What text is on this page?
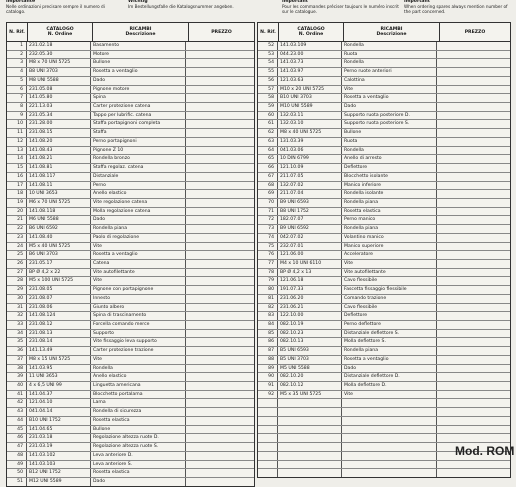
Importante
Nelle ordinazioni precisare sempre il numero di catalogo.
Wichtig
Im Bestellungsfalle die Katalogsnummer angeben.
Important
Pour les commandes préciser toujours le numéro inscrit sur le catalogue.
Important
When ordering spares always mention number of the part concerned.
N. Rif.	CATALOGO
N. Ordine
RICAMBI
Descrizione	PREZZO
1	231.02.18	Basamento
2	232.05.30	Motore
3	M8 x 70 UNI 5725	Bullone
4	B8 UNI 3703	Rosetta a ventaglio
5	M8 UNI 5588	Dado
6	231.05.08	Pignone motore
7	141.05.80	Spina
8	221.13.03	Carter protezione catena
9	231.05.34	Tappo per lubrific. catena
10	231.28.00	Staffa portapignoni completa
11	231.08.15	Staffa
12	141.08.20	Perno portapignoni
13	141.08.43	Pignone Z 10
14	141.08.21	Rondella bronzo
15	141.08.81	Staffa regolaz. catena
16	141.08.117	Distanziale
17	141.08.11	Perno
18	10 UNI 3653	Anello elastico
19	M6 x 70 UNI 5725	Vite regolazione catena
20	141.08.118	Molla regolazione catena
21	M6 UNI 5588	Dado
22	B6 UNI 6592	Rondella piana
23	141.08.40	Paolo di regolazione
24	M5 x 40 UNI 5725	Vite
25	B6 UNI 3703	Rosetta a ventaglio
26	231.05.17	Catena
27	BP Ø 4,2 x 22	Vite autofilettante
28	M5 x 100 UNI 5725	Vite
29	231.08.05	Pignone con portapignone
30	231.08.07	Innesto
31	231.08.06	Giunto albero
32	141.08.124	Spina di trascinamento
33	231.08.12	Forcella comando merce
34	231.08.13	Supporto
35	231.08.14	Vite fissaggio leva supporto
36	141.13.49	Carter protezione trazione
37	M8 x 15 UNI 5725	Vite
38	141.03.95	Rondella
39	11 UNI 3653	Anello elastico
40	4 x 6,5 UNI 99	Linguetta americana
41	141.04.37	Blocchetto portalama
42	121.04.10	Lama
43	041.04.14	Rondella di sicurezza
44	B10 UNI 1752	Rosetta elastica
45	141.04.65	Bullone
46	231.03.18	Regolazione altezza ruote D.
47	231.03.19	Regolazione altezza ruote S.
48	141.03.102	Leva anteriore D.
49	141.03.103	Leva anteriore S.
50	B12 UNI 1752	Rosetta elastica
51	M12 UNI 5589	Dado
N. Rif.	CATALOGO
N. Ordine
RICAMBI
Descrizione	PREZZO
52	141.03.109	Rondella
53	044.23.00	Ruota
54	141.03.73	Rondella
55	141.03.97	Perno ruote anteriori
56	121.03.63	Calottina
57	M10 x 20 UNI 5725	Vite
58	B10 UNI 3703	Rosetta a ventaglio
59	M10 UNI 5589	Dado
60	132.03.11	Supporto ruota posteriore D.
61	132.03.10	Supporto ruota posteriore S.
62	M8 x 40 UNI 5725	Bullone
63	131.03.39	Ruota
64	041.03.06	Rondella
65	10 DIN 6799	Anello di arresto
66	121.10.09	Deflettore
67	211.07.05	Blocchetto isolante
68	132.07.02	Manico inferiore
69	211.07.04	Rondella isolante
70	B9 UNI 6593	Rondella piana
71	B8 UNI 1752	Rosetta elastica
72	182.07.07	Perno manico
73	B9 UNI 6592	Rondella piana
74	042.07.02	Volantino manico
75	232.07.01	Manico superiore
76	121.06.00	Acceleratore
77	M4 x 10 UNI 6110	Vite
78	BP Ø 4,2 x 13	Vite autofilettante
79	121.06.18	Cavo flessibile
80	191.07.33	Fascetta fissaggio flessibile
81	231.06.20	Comando trazione
82	231.06.21	Cavo flessibile
83	122.10.00	Deflettore
84	082.10.19	Perno deflettore
85	082.10.23	Distanziale deflettore S.
86	082.10.13	Molla deflettore S.
87	B5 UNI 6593	Rondella piana
88	B5 UNI 3703	Rosetta a ventaglio
89	M5 UNI 5588	Dado
90	082.10.20	Distanziale deflettore D.
91	082.10.12	Molla deflettore D.
92	M5 x 35 UNI 5725	Vite
Mod. ROM
